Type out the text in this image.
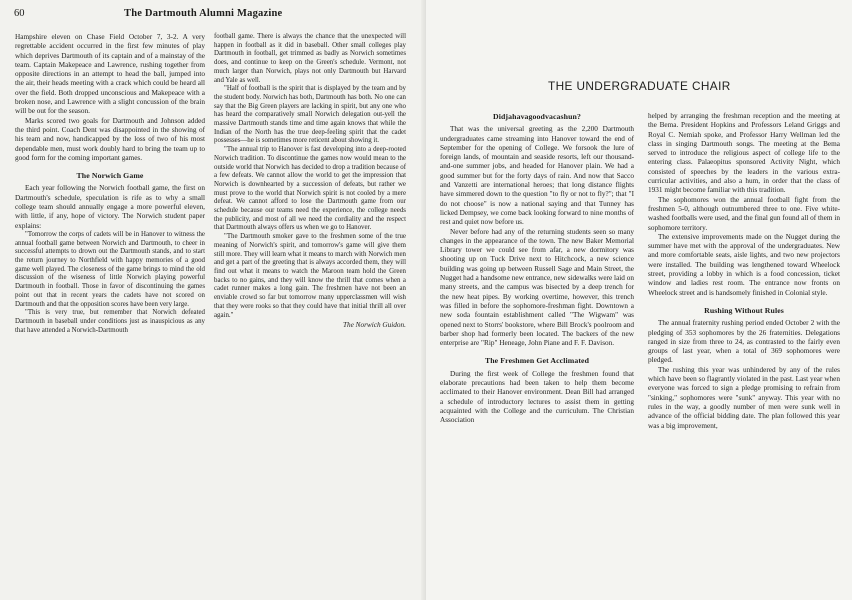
60	The Dartmouth Alumni Magazine

Hampshire eleven on Chase Field October 7, 3-2. A very regrettable accident occurred in the first few minutes of play which deprives Dartmouth of its captain and of a mainstay of the team. Captain Makepeace and Lawrence, rushing together from opposite directions in an attempt to head the ball, jumped into the air, their heads meeting with a crack which could be heard all over the field. Both dropped unconscious and Makepeace with a broken nose, and Lawrence with a slight concussion of the brain will be out for the season.

Marks scored two goals for Dartmouth and Johnson added the third point. Coach Dent was disappointed in the showing of his team and now, handicapped by the loss of two of his most dependable men, must work doubly hard to bring the team up to good form for the coming important games.

The Norwich Game

Each year following the Norwich football game, the first on Dartmouth's schedule, speculation is rife as to why a small college team should annually engage a more powerful eleven, with little, if any, hope of victory. The Norwich student paper explains:

"Tomorrow the corps of cadets will be in Hanover to witness the annual football game between Norwich and Dartmouth, to cheer in successful attempts to drown out the Dartmouth stands, and to start the return journey to Northfield with happy memories of a good game well played. The closeness of the game brings to mind the old discussion of the wiseness of little Norwich playing powerful Dartmouth in football. Those in favor of discontinuing the games point out that in recent years the cadets have not scored on Dartmouth and that the opposition scores have been very large.

"This is very true, but remember that Norwich defeated Dartmouth in baseball under conditions just as inauspicious as any that have attended a Norwich-Dartmouth

football game. There is always the chance that the unexpected will happen in football as it did in baseball. Other small colleges play Dartmouth in football, get trimmed as badly as Norwich sometimes does, and continue to keep on the Green's schedule. Vermont, not much larger than Norwich, plays not only Dartmouth but Harvard and Yale as well.

"Half of football is the spirit that is displayed by the team and by the student body. Norwich has both, Dartmouth has both. No one can say that the Big Green players are lacking in spirit, but any one who has heard the comparatively small Norwich delegation out-yell the massive Dartmouth stands time and time again knows that while the Indian of the North has the true deep-feeling spirit that the cadet possesses—he is sometimes more reticent about showing it.

"The annual trip to Hanover is fast developing into a deep-rooted Norwich tradition. To discontinue the games now would mean to the outside world that Norwich has decided to drop a tradition because of a few defeats. We cannot allow the world to get the impression that Norwich is downhearted by a succession of defeats, but rather we must prove to the world that Norwich spirit is not cooled by a mere defeat. We cannot afford to lose the Dartmouth game from our schedule because our teams need the experience, the college needs the publicity, and most of all we need the cordiality and the respect that Dartmouth always offers us when we go to Hanover.

"The Dartmouth smoker gave to the freshmen some of the true meaning of Norwich's spirit, and tomorrow's game will give them still more. They will learn what it means to march with Norwich men and get a part of the greeting that is always accorded them, they will find out what it means to watch the Maroon team hold the Green backs to no gains, and they will know the thrill that comes when a cadet runner makes a long gain. The freshmen have not been an enviable crowd so far but tomorrow many upperclassmen will wish that they were rooks so that they could have that initial thrill all over again."

The Norwich Guidon.
THE UNDERGRADUATE CHAIR
Didjahavagoodvacashun?

That was the universal greeting as the 2,200 Dartmouth undergraduates came streaming into Hanover toward the end of September for the opening of College. We forsook the lure of foreign lands, of mountain and seaside resorts, left our thousand-and-one summer jobs, and headed for Hanover plain. We had a good summer but for the forty days of rain. And now that Sacco and Vanzetti are international heroes; that long distance flights have simmered down to the question "to fly or not to fly?"; that "I do not choose" is now a national saying and that Tunney has licked Dempsey, we come back looking forward to nine months of rest and quiet now before us.

Never before had any of the returning students seen so many changes in the appearance of the town. The new Baker Memorial Library tower we could see from afar, a new dormitory was shooting up on Tuck Drive next to Hitchcock, a new science building was going up between Russell Sage and Main Street, the Nugget had a handsome new entrance, new sidewalks were laid on many streets, and the campus was bisected by a deep trench for the new heat pipes. By working overtime, however, this trench was filled in before the sophomore-freshman fight. Downtown a new soda fountain establishment called "The Wigwam" was opened next to Storrs' bookstore, where Bill Brock's poolroom and barber shop had formerly been located. The backers of the new enterprise are "Rip" Heneage, John Piane and F. F. Davison.

The Freshmen Get Acclimated

During the first week of College the freshmen found that elaborate precautions had been taken to help them become acclimated to their Hanover environment. Dean Bill had arranged a schedule of introductory lectures to assist them in getting acquainted with the College and the curriculum. The Christian Association

helped by arranging the freshman reception and the meeting at the Bema. President Hopkins and Professors Leland Griggs and Royal C. Nemiah spoke, and Professor Harry Wellman led the class in singing Dartmouth songs. The meeting at the Bema served to introduce the religious aspect of college life to the entering class. Palaeopitus sponsored Activity Night, which consisted of speeches by the leaders in the various extra-curricular activities, and also a hum, in order that the class of 1931 might become familiar with this tradition.

The sophomores won the annual football fight from the freshmen 5-0, although outnumbered three to one. Five white-washed footballs were used, and the final gun found all of them in sophomore territory.

The extensive improvements made on the Nugget during the summer have met with the approval of the undergraduates. New and more comfortable seats, aisle lights, and two new projectors were installed. The building was lengthened toward Wheelock street, providing a lobby in which is a food concession, ticket window and ladies rest room. The entrance now fronts on Wheelock street and is handsomely finished in Colonial style.

Rushing Without Rules

The annual fraternity rushing period ended October 2 with the pledging of 353 sophomores by the 26 fraternities. Delegations ranged in size from three to 24, as contrasted to the fairly even groups of last year, when a total of 369 sophomores were pledged.

The rushing this year was unhindered by any of the rules which have been so flagrantly violated in the past. Last year when everyone was forced to sign a pledge promising to refrain from "sinking," sophomores were "sunk" anyway. This year with no rules in the way, a goodly number of men were sunk well in advance of the official bidding date. The plan followed this year was a big improvement,
